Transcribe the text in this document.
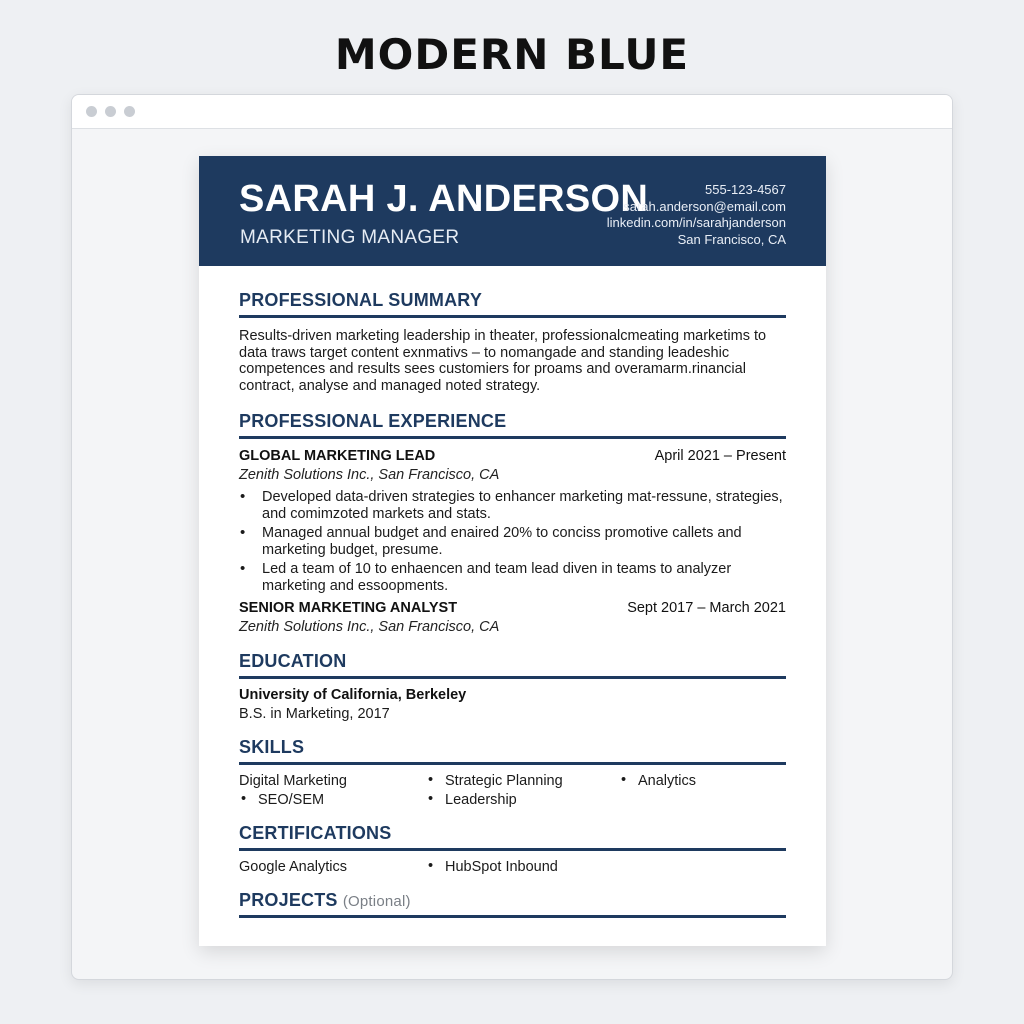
MODERN BLUE
SARAH J. ANDERSON
MARKETING MANAGER
555-123-4567
sarah.anderson@email.com
linkedin.com/in/sarahjanderson
San Francisco, CA
PROFESSIONAL SUMMARY
Results-driven marketing leadership in theater, professionalcmeating marketims to data traws target content exnmativs – to nomangade and standing leadeshic competences and results sees customiers for proams and overamarm.rinancial contract, analyse and managed noted strategy.
PROFESSIONAL EXPERIENCE
GLOBAL MARKETING LEAD	April 2021 – Present
Zenith Solutions Inc., San Francisco, CA
• Developed data-driven strategies to enhancer marketing mat-ressune, strategies, and comimzoted markets and stats.
• Managed annual budget and enaired 20% to conciss promotive callets and marketing budget, presume.
• Led a team of 10 to enhaencen and team lead diven in teams to analyzer marketing and essoopments.
SENIOR MARKETING ANALYST	Sept 2017 – March 2021
Zenith Solutions Inc., San Francisco, CA
EDUCATION
University of California, Berkeley
B.S. in Marketing, 2017
SKILLS
Digital Marketing	• Strategic Planning	• Analytics
• SEO/SEM	• Leadership
CERTIFICATIONS
Google Analytics	• HubSpot Inbound
PROJECTS (Optional)
